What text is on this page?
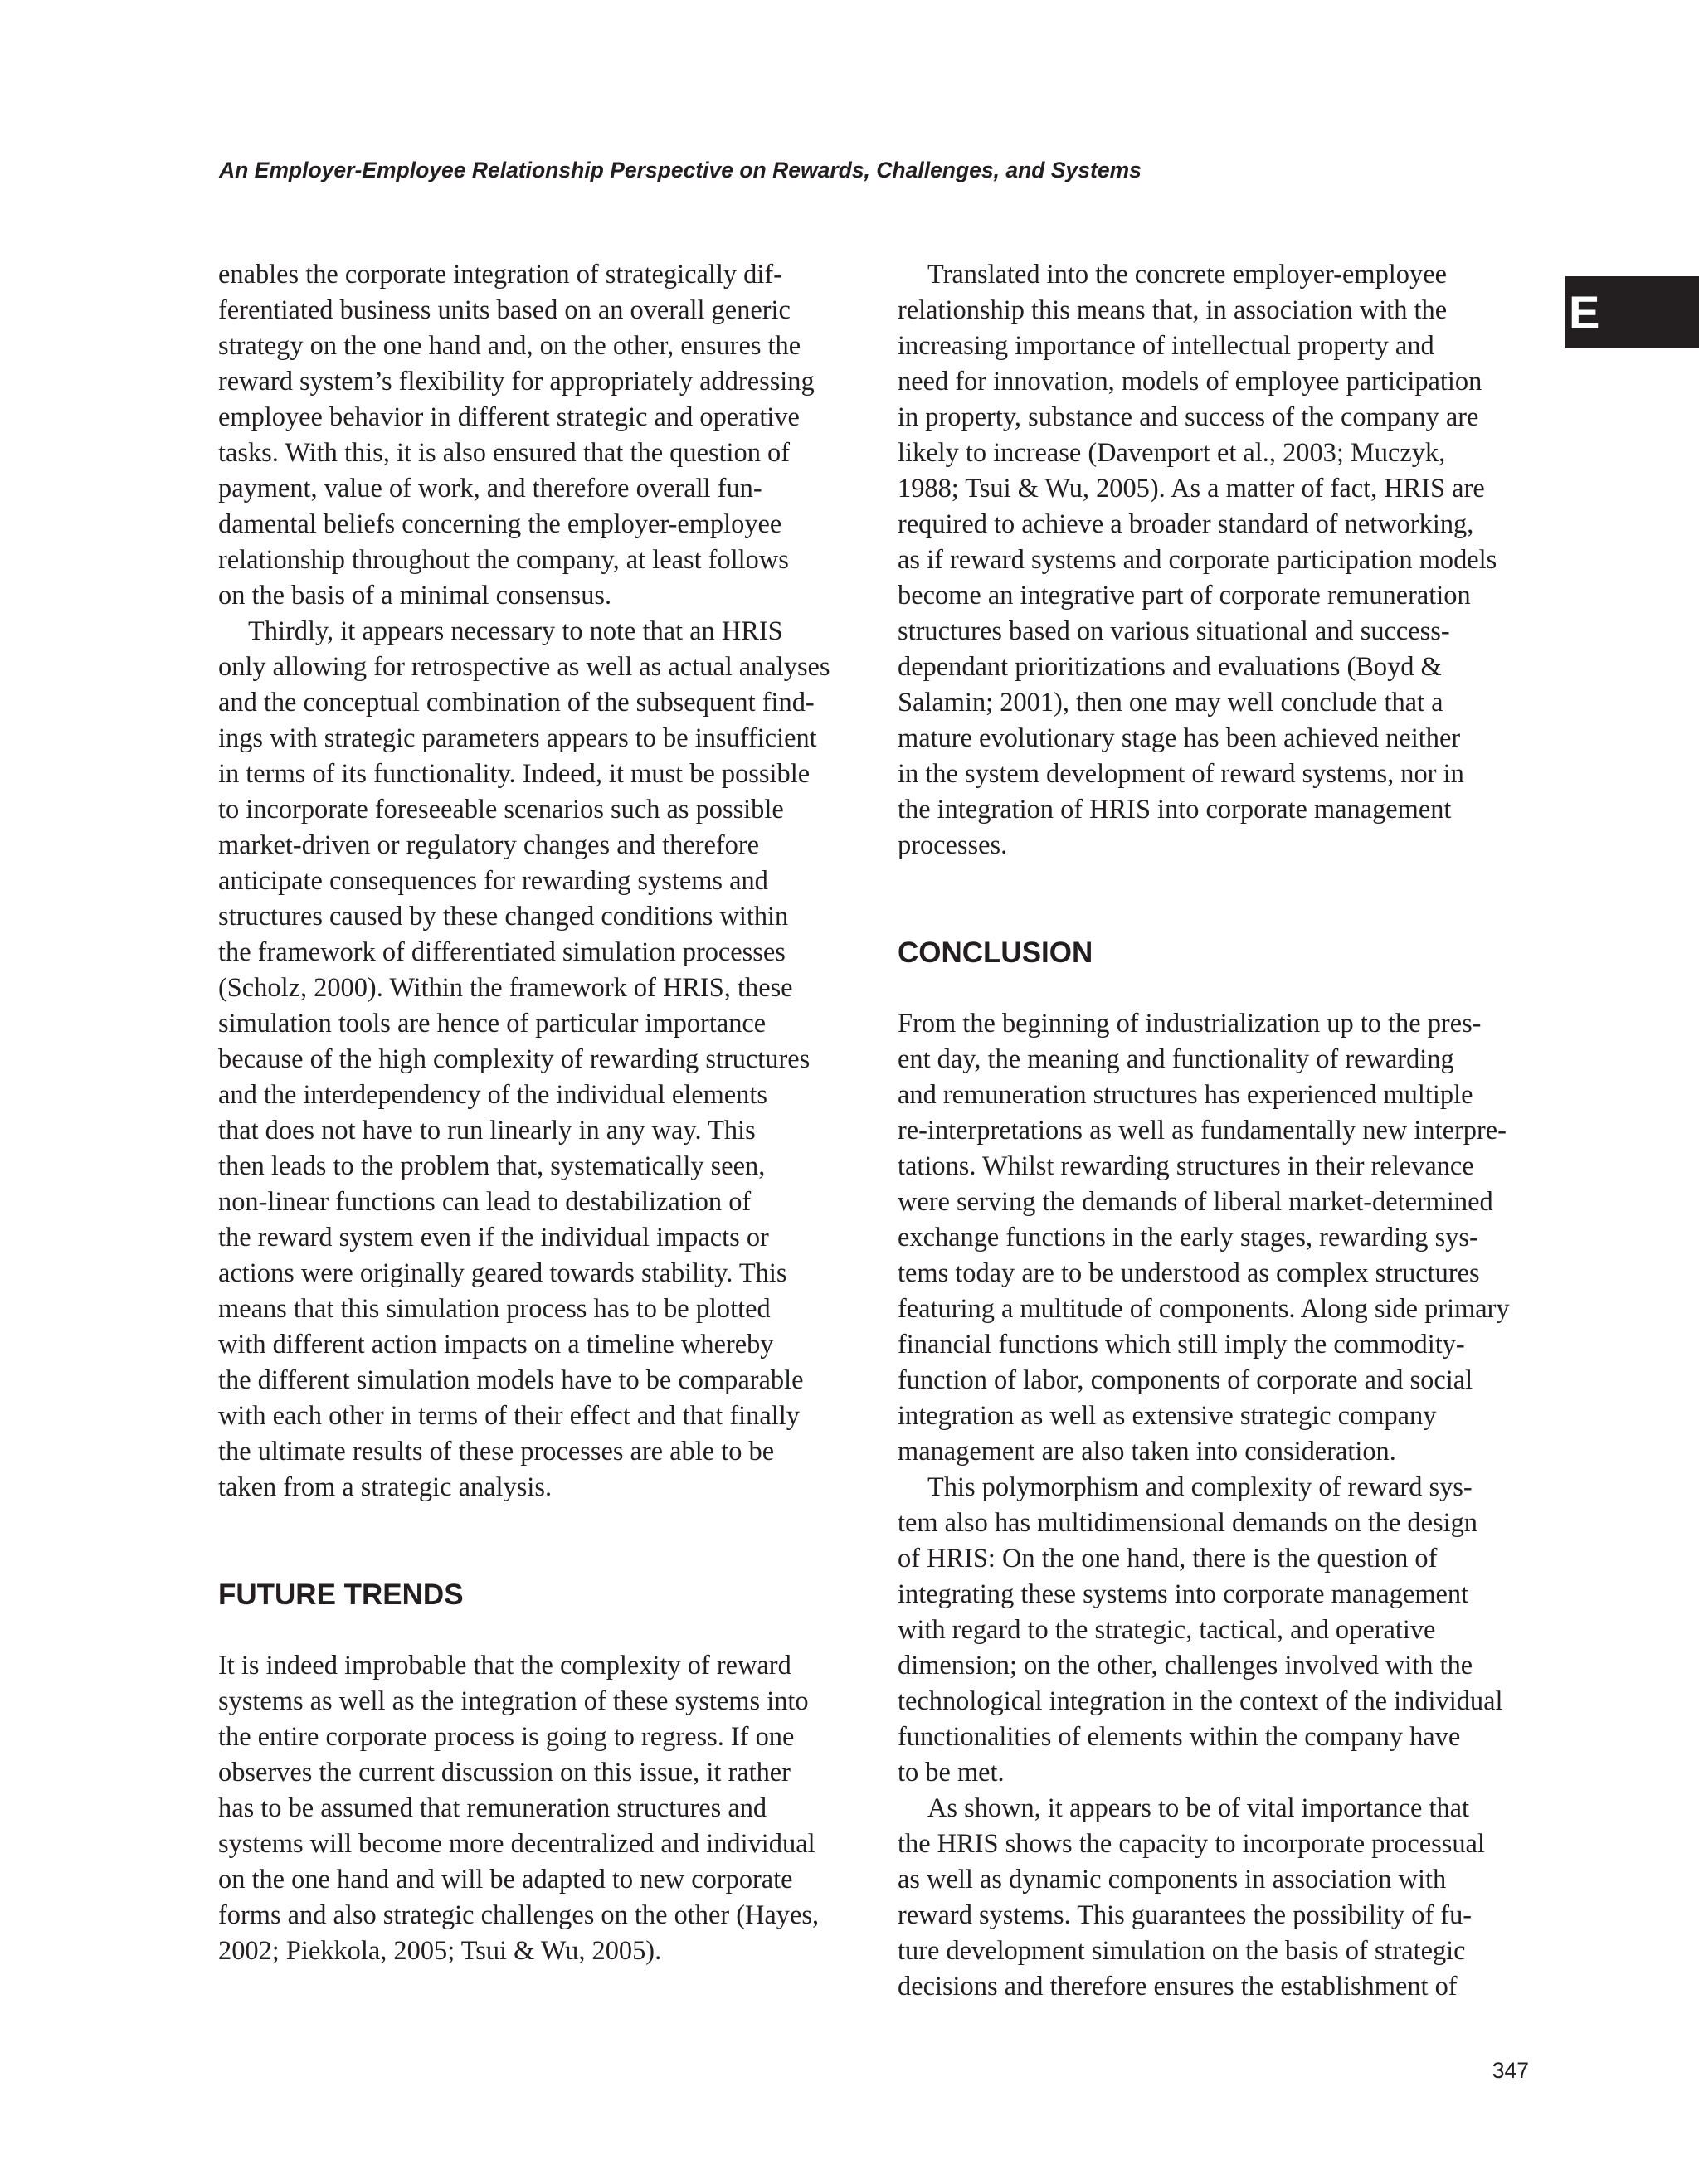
An Employer-Employee Relationship Perspective on Rewards, Challenges, and Systems
E
enables the corporate integration of strategically dif-
ferentiated business units based on an overall generic
strategy on the one hand and, on the other, ensures the
reward system’s flexibility for appropriately addressing
employee behavior in different strategic and operative
tasks. With this, it is also ensured that the question of
payment, value of work, and therefore overall fun-
damental beliefs concerning the employer-employee
relationship throughout the company, at least follows
on the basis of a minimal consensus.
Thirdly, it appears necessary to note that an HRIS
only allowing for retrospective as well as actual analyses
and the conceptual combination of the subsequent find-
ings with strategic parameters appears to be insufficient
in terms of its functionality. Indeed, it must be possible
to incorporate foreseeable scenarios such as possible
market-driven or regulatory changes and therefore
anticipate consequences for rewarding systems and
structures caused by these changed conditions within
the framework of differentiated simulation processes
(Scholz, 2000). Within the framework of HRIS, these
simulation tools are hence of particular importance
because of the high complexity of rewarding structures
and the interdependency of the individual elements
that does not have to run linearly in any way. This
then leads to the problem that, systematically seen,
non-linear functions can lead to destabilization of
the reward system even if the individual impacts or
actions were originally geared towards stability. This
means that this simulation process has to be plotted
with different action impacts on a timeline whereby
the different simulation models have to be comparable
with each other in terms of their effect and that finally
the ultimate results of these processes are able to be
taken from a strategic analysis.
FUTURE TRENDS
It is indeed improbable that the complexity of reward
systems as well as the integration of these systems into
the entire corporate process is going to regress. If one
observes the current discussion on this issue, it rather
has to be assumed that remuneration structures and
systems will become more decentralized and individual
on the one hand and will be adapted to new corporate
forms and also strategic challenges on the other (Hayes,
2002; Piekkola, 2005; Tsui & Wu, 2005).
Translated into the concrete employer-employee
relationship this means that, in association with the
increasing importance of intellectual property and
need for innovation, models of employee participation
in property, substance and success of the company are
likely to increase (Davenport et al., 2003; Muczyk,
1988; Tsui & Wu, 2005). As a matter of fact, HRIS are
required to achieve a broader standard of networking,
as if reward systems and corporate participation models
become an integrative part of corporate remuneration
structures based on various situational and success-
dependant prioritizations and evaluations (Boyd &
Salamin; 2001), then one may well conclude that a
mature evolutionary stage has been achieved neither
in the system development of reward systems, nor in
the integration of HRIS into corporate management
processes.
CONCLUSION
From the beginning of industrialization up to the pres-
ent day, the meaning and functionality of rewarding
and remuneration structures has experienced multiple
re-interpretations as well as fundamentally new interpre-
tations. Whilst rewarding structures in their relevance
were serving the demands of liberal market-determined
exchange functions in the early stages, rewarding sys-
tems today are to be understood as complex structures
featuring a multitude of components. Along side primary
financial functions which still imply the commodity-
function of labor, components of corporate and social
integration as well as extensive strategic company
management are also taken into consideration.
This polymorphism and complexity of reward sys-
tem also has multidimensional demands on the design
of HRIS: On the one hand, there is the question of
integrating these systems into corporate management
with regard to the strategic, tactical, and operative
dimension; on the other, challenges involved with the
technological integration in the context of the individual
functionalities of elements within the company have
to be met.
As shown, it appears to be of vital importance that
the HRIS shows the capacity to incorporate processual
as well as dynamic components in association with
reward systems. This guarantees the possibility of fu-
ture development simulation on the basis of strategic
decisions and therefore ensures the establishment of
347
